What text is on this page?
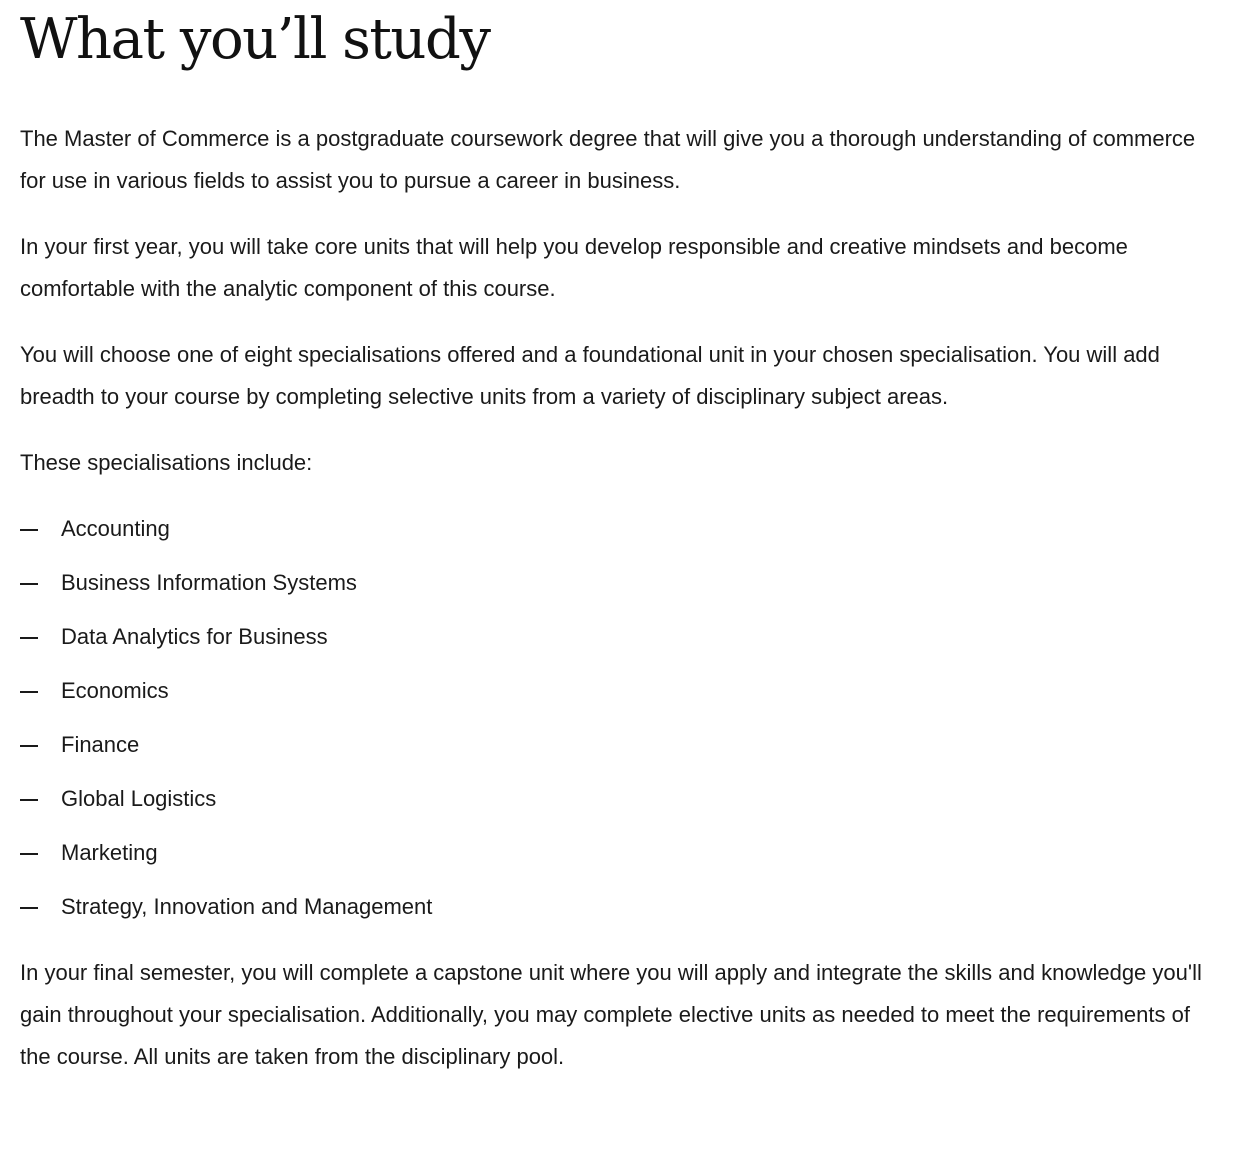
What you’ll study

The Master of Commerce is a postgraduate coursework degree that will give you a thorough understanding of commerce for use in various fields to assist you to pursue a career in business.

In your first year, you will take core units that will help you develop responsible and creative mindsets and become comfortable with the analytic component of this course.

You will choose one of eight specialisations offered and a foundational unit in your chosen specialisation. You will add breadth to your course by completing selective units from a variety of disciplinary subject areas.

These specialisations include:

Accounting
Business Information Systems
Data Analytics for Business
Economics
Finance
Global Logistics
Marketing
Strategy, Innovation and Management

In your final semester, you will complete a capstone unit where you will apply and integrate the skills and knowledge you'll gain throughout your specialisation. Additionally, you may complete elective units as needed to meet the requirements of the course. All units are taken from the disciplinary pool.
